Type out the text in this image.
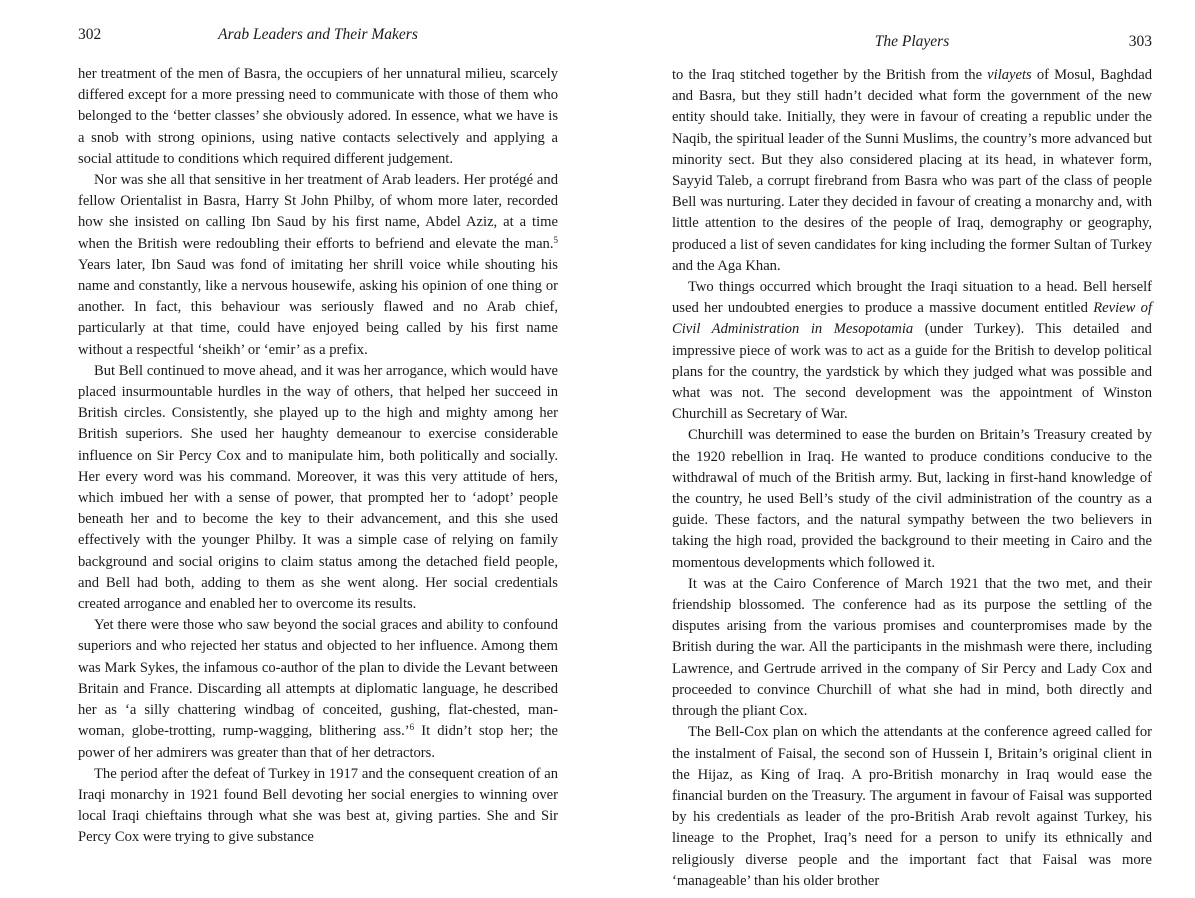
302	Arab Leaders and Their Makers

her treatment of the men of Basra, the occupiers of her unnatural milieu, scarcely differed except for a more pressing need to communicate with those of them who belonged to the ‘better classes’ she obviously adored. In essence, what we have is a snob with strong opinions, using native contacts selectively and applying a social attitude to conditions which required different judgement.

Nor was she all that sensitive in her treatment of Arab leaders. Her protégé and fellow Orientalist in Basra, Harry St John Philby, of whom more later, recorded how she insisted on calling Ibn Saud by his first name, Abdel Aziz, at a time when the British were redoubling their efforts to befriend and elevate the man.$^5$ Years later, Ibn Saud was fond of imitating her shrill voice while shouting his name and constantly, like a nervous housewife, asking his opinion of one thing or another. In fact, this behaviour was seriously flawed and no Arab chief, particularly at that time, could have enjoyed being called by his first name without a respectful ‘sheikh’ or ‘emir’ as a prefix.

But Bell continued to move ahead, and it was her arrogance, which would have placed insurmountable hurdles in the way of others, that helped her succeed in British circles. Consistently, she played up to the high and mighty among her British superiors. She used her haughty demeanour to exercise considerable influence on Sir Percy Cox and to manipulate him, both politically and socially. Her every word was his command. Moreover, it was this very attitude of hers, which imbued her with a sense of power, that prompted her to ‘adopt’ people beneath her and to become the key to their advancement, and this she used effectively with the younger Philby. It was a simple case of relying on family background and social origins to claim status among the detached field people, and Bell had both, adding to them as she went along. Her social credentials created arrogance and enabled her to overcome its results.

Yet there were those who saw beyond the social graces and ability to confound superiors and who rejected her status and objected to her influence. Among them was Mark Sykes, the infamous co-author of the plan to divide the Levant between Britain and France. Discarding all attempts at diplomatic language, he described her as ‘a silly chattering windbag of conceited, gushing, flat-chested, man-woman, globe-trotting, rump-wagging, blithering ass.’$^6$ It didn’t stop her; the power of her admirers was greater than that of her detractors.

The period after the defeat of Turkey in 1917 and the consequent creation of an Iraqi monarchy in 1921 found Bell devoting her social energies to winning over local Iraqi chieftains through what she was best at, giving parties. She and Sir Percy Cox were trying to give substance

The Players	303

to the Iraq stitched together by the British from the vilayets of Mosul, Baghdad and Basra, but they still hadn’t decided what form the government of the new entity should take. Initially, they were in favour of creating a republic under the Naqib, the spiritual leader of the Sunni Muslims, the country’s more advanced but minority sect. But they also considered placing at its head, in whatever form, Sayyid Taleb, a corrupt firebrand from Basra who was part of the class of people Bell was nurturing. Later they decided in favour of creating a monarchy and, with little attention to the desires of the people of Iraq, demography or geography, produced a list of seven candidates for king including the former Sultan of Turkey and the Aga Khan.

Two things occurred which brought the Iraqi situation to a head. Bell herself used her undoubted energies to produce a massive document entitled Review of Civil Administration in Mesopotamia (under Turkey). This detailed and impressive piece of work was to act as a guide for the British to develop political plans for the country, the yardstick by which they judged what was possible and what was not. The second development was the appointment of Winston Churchill as Secretary of War.

Churchill was determined to ease the burden on Britain’s Treasury created by the 1920 rebellion in Iraq. He wanted to produce conditions conducive to the withdrawal of much of the British army. But, lacking in first-hand knowledge of the country, he used Bell’s study of the civil administration of the country as a guide. These factors, and the natural sympathy between the two believers in taking the high road, provided the background to their meeting in Cairo and the momentous developments which followed it.

It was at the Cairo Conference of March 1921 that the two met, and their friendship blossomed. The conference had as its purpose the settling of the disputes arising from the various promises and counterpromises made by the British during the war. All the participants in the mishmash were there, including Lawrence, and Gertrude arrived in the company of Sir Percy and Lady Cox and proceeded to convince Churchill of what she had in mind, both directly and through the pliant Cox.

The Bell-Cox plan on which the attendants at the conference agreed called for the instalment of Faisal, the second son of Hussein I, Britain’s original client in the Hijaz, as King of Iraq. A pro-British monarchy in Iraq would ease the financial burden on the Treasury. The argument in favour of Faisal was supported by his credentials as leader of the pro-British Arab revolt against Turkey, his lineage to the Prophet, Iraq’s need for a person to unify its ethnically and religiously diverse people and the important fact that Faisal was more ‘manageable’ than his older brother
